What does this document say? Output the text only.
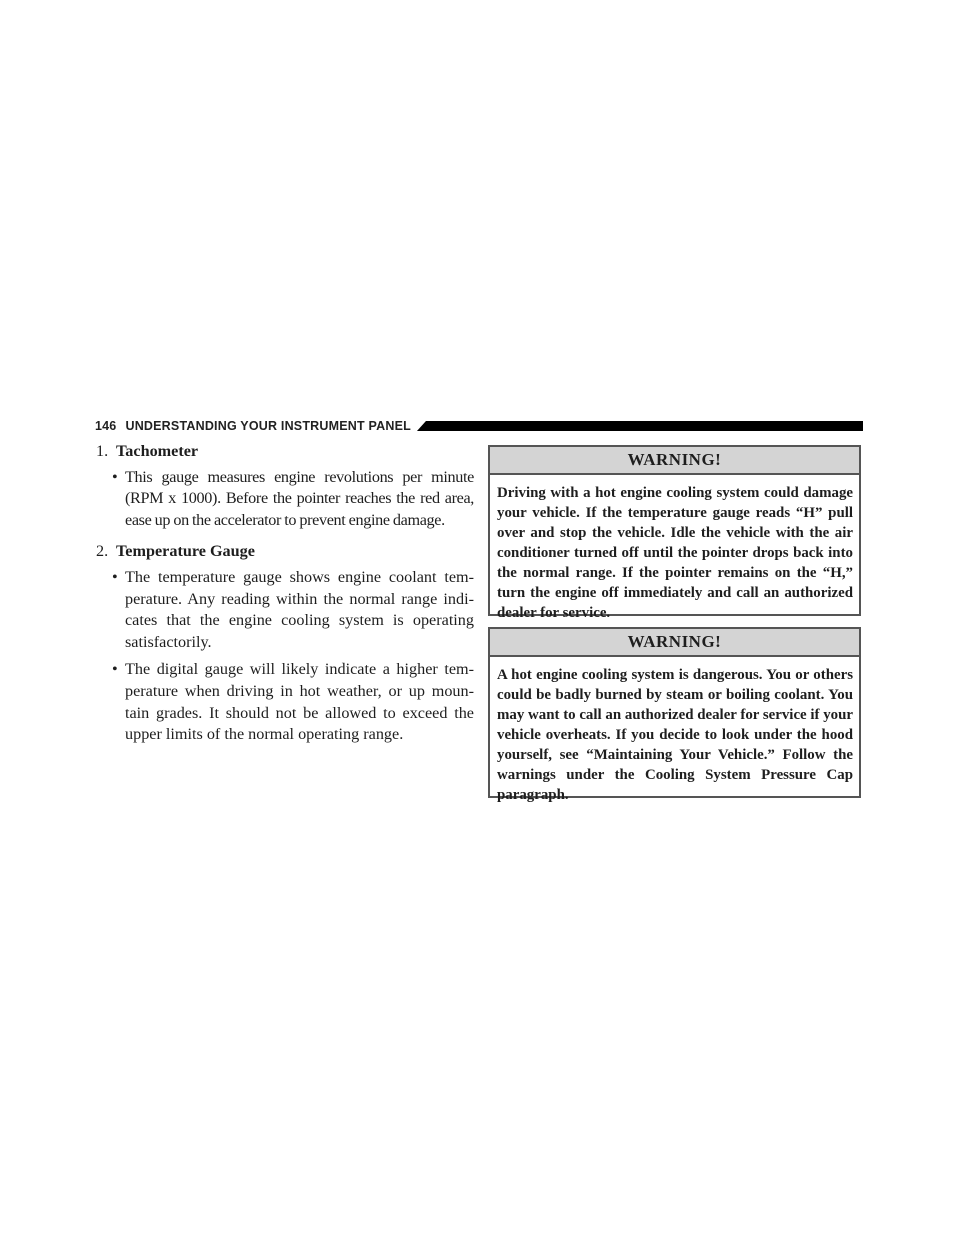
146 UNDERSTANDING YOUR INSTRUMENT PANEL
1. Tachometer
• This gauge measures engine revolutions per minute (RPM x 1000). Before the pointer reaches the red area, ease up on the accelerator to prevent engine damage.
2. Temperature Gauge
• The temperature gauge shows engine coolant tem-perature. Any reading within the normal range indi-cates that the engine cooling system is operating satisfactorily.
• The digital gauge will likely indicate a higher tem-perature when driving in hot weather, or up moun-tain grades. It should not be allowed to exceed the upper limits of the normal operating range.
WARNING!
Driving with a hot engine cooling system could damage your vehicle. If the temperature gauge reads “H” pull over and stop the vehicle. Idle the vehicle with the air conditioner turned off until the pointer drops back into the normal range. If the pointer remains on the “H,” turn the engine off immediately and call an authorized dealer for service.
WARNING!
A hot engine cooling system is dangerous. You or others could be badly burned by steam or boiling coolant. You may want to call an authorized dealer for service if your vehicle overheats. If you decide to look under the hood yourself, see “Maintaining Your Vehicle.” Follow the warnings under the Cooling System Pressure Cap paragraph.
